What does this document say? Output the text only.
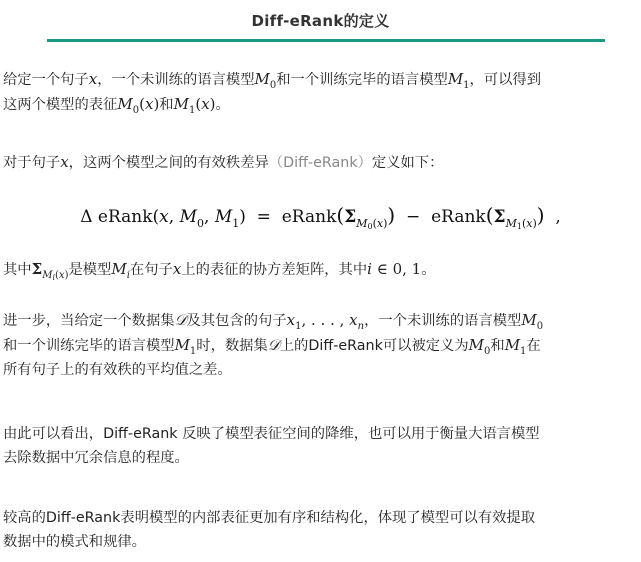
Diff-eRank的定义
给定一个句子x，一个未训练的语言模型$M_0$和一个训练完毕的语言模型$M_1$，可以得到
这两个模型的表征$M_0(x)$和$M_1(x)$。
对于句子x，这两个模型之间的有效秩差异（Diff-eRank）定义如下：
Δ eRank(x, $M_0$, $M_1$)  =  $eRank(\Sigma_{M0(x)})$  −  $eRank(\Sigma_{M1(x)})$  ,
其中$\Sigma_{M_i(x)}$是模型$M_i$在句子x上的表征的协方差矩阵，其中i ∈ 0, 1。
进一步，当给定一个数据集𝒟及其包含的句子$x_1$, . . . , $x_n$，一个未训练的语言模型$M_0$
和一个训练完毕的语言模型$M_1$时，数据集𝒟上的Diff-eRank可以被定义为$M_0$和$M_1$在
所有句子上的有效秩的平均值之差。
由此可以看出，Diff-eRank 反映了模型表征空间的降维，也可以用于衡量大语言模型
去除数据中冗余信息的程度。
较高的Diff-eRank表明模型的内部表征更加有序和结构化，体现了模型可以有效提取
数据中的模式和规律。
